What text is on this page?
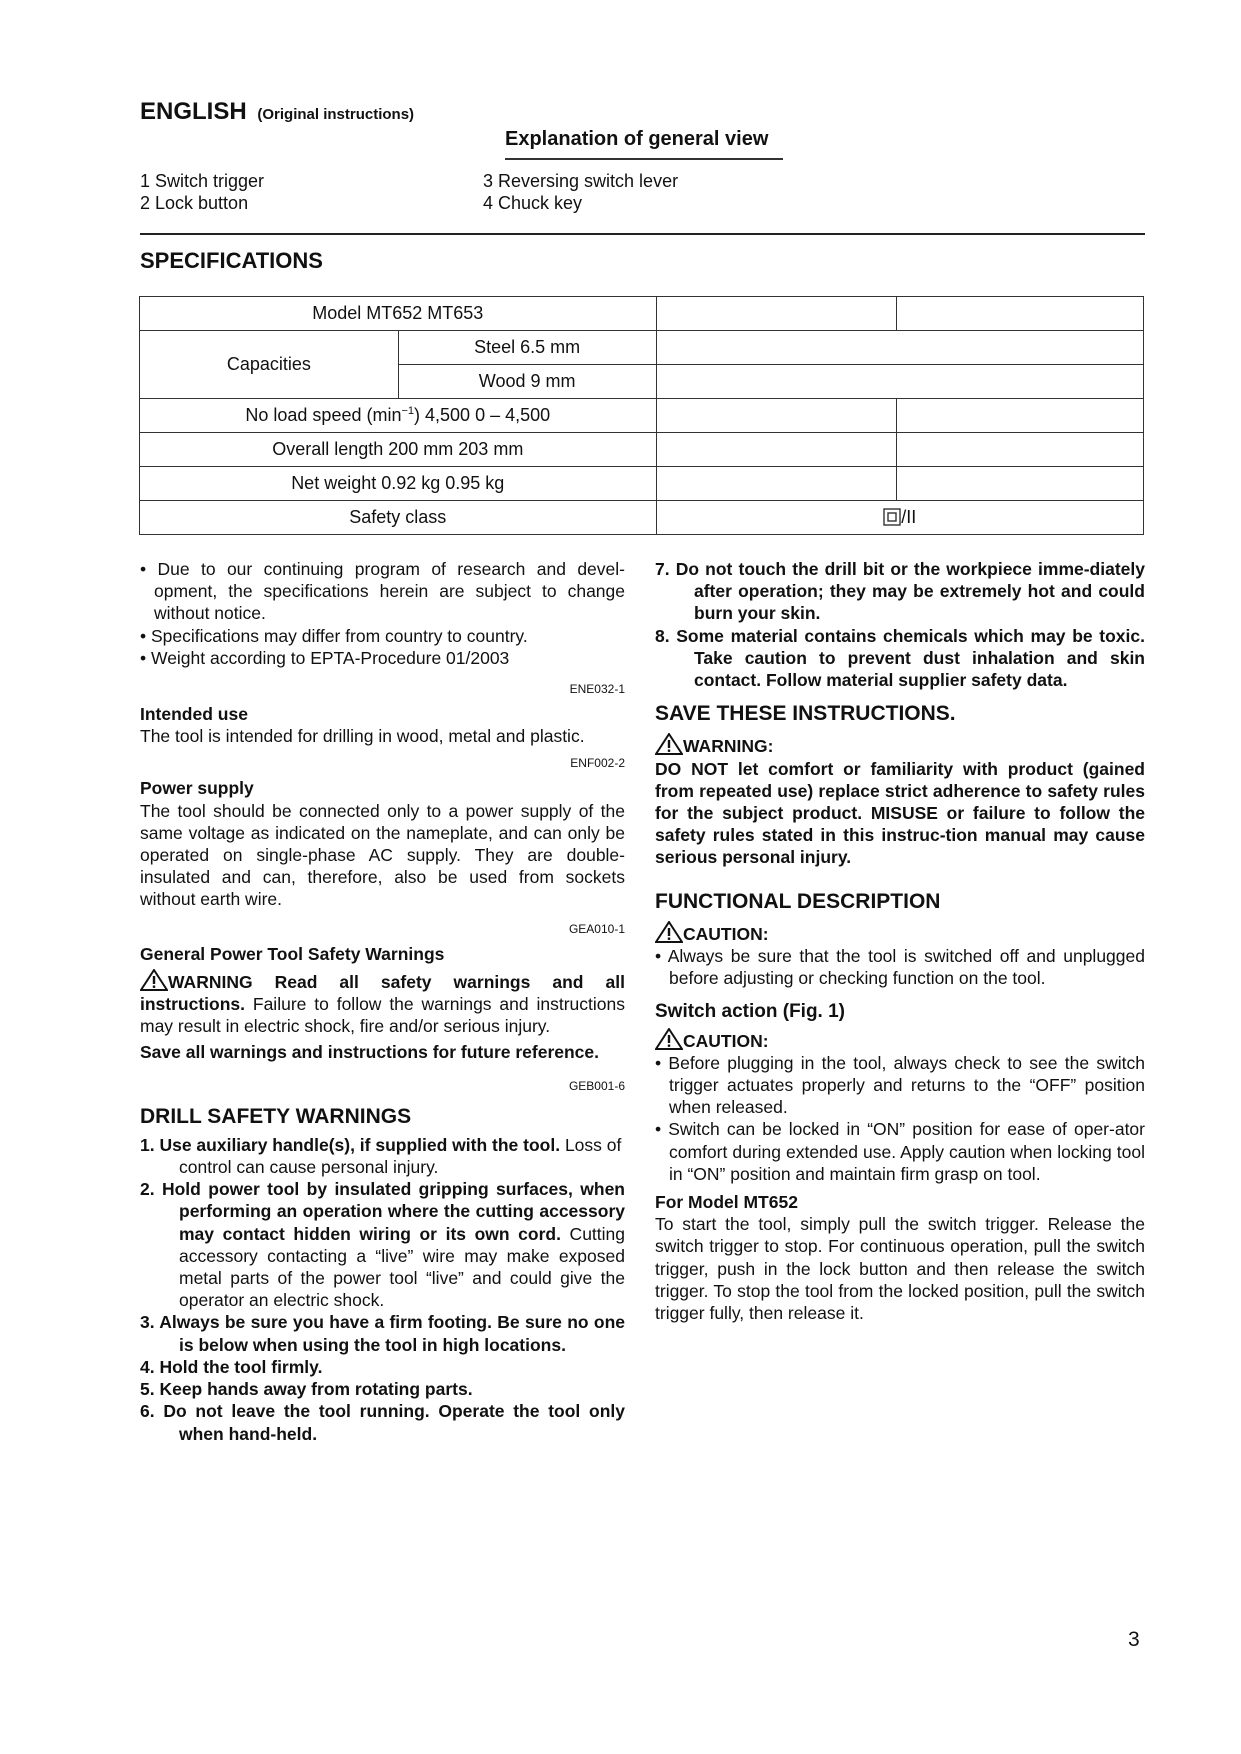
ENGLISH (Original instructions)
Explanation of general view
1 Switch trigger
2 Lock button
3 Reversing switch lever
4 Chuck key
SPECIFICATIONS
Model MT652 MT653			
Capacities	Steel 6.5 mm		
	Wood 9 mm		
No load speed $(\min^{-1})$ 4,500 0 – 4,500			
Overall length 200 mm 203 mm			
Net weight 0.92 kg 0.95 kg			
Safety class		/II	

• Due to our continuing program of research and devel-opment, the specifications herein are subject to change without notice.

• Specifications may differ from country to country.

• Weight according to EPTA-Procedure 01/2003

ENE032-1

Intended use

The tool is intended for drilling in wood, metal and plastic.

ENF002-2

Power supply

The tool should be connected only to a power supply of the same voltage as indicated on the nameplate, and can only be operated on single-phase AC supply. They are double-insulated and can, therefore, also be used from sockets without earth wire.

GEA010-1

General Power Tool Safety Warnings

WARNING Read all safety warnings and all instructions. Failure to follow the warnings and instructions may result in electric shock, fire and/or serious injury.

Save all warnings and instructions for future reference.

GEB001-6

DRILL SAFETY WARNINGS

1. Use auxiliary handle(s), if supplied with the tool. Loss of control can cause personal injury.

2. Hold power tool by insulated gripping surfaces, when performing an operation where the cutting accessory may contact hidden wiring or its own cord. Cutting accessory contacting a “live” wire may make exposed metal parts of the power tool “live” and could give the operator an electric shock.

3. Always be sure you have a firm footing. Be sure no one is below when using the tool in high locations.

4. Hold the tool firmly.

5. Keep hands away from rotating parts.

6. Do not leave the tool running. Operate the tool only when hand-held.

7. Do not touch the drill bit or the workpiece imme-diately after operation; they may be extremely hot and could burn your skin.

8. Some material contains chemicals which may be toxic. Take caution to prevent dust inhalation and skin contact. Follow material supplier safety data.

SAVE THESE INSTRUCTIONS.

WARNING:

DO NOT let comfort or familiarity with product (gained from repeated use) replace strict adherence to safety rules for the subject product. MISUSE or failure to follow the safety rules stated in this instruc-tion manual may cause serious personal injury.

FUNCTIONAL DESCRIPTION

CAUTION:

• Always be sure that the tool is switched off and unplugged before adjusting or checking function on the tool.

Switch action (Fig. 1)

CAUTION:

• Before plugging in the tool, always check to see the switch trigger actuates properly and returns to the “OFF” position when released.

• Switch can be locked in “ON” position for ease of oper-ator comfort during extended use. Apply caution when locking tool in “ON” position and maintain firm grasp on tool.

For Model MT652

To start the tool, simply pull the switch trigger. Release the switch trigger to stop. For continuous operation, pull the switch trigger, push in the lock button and then release the switch trigger. To stop the tool from the locked position, pull the switch trigger fully, then release it.

3
